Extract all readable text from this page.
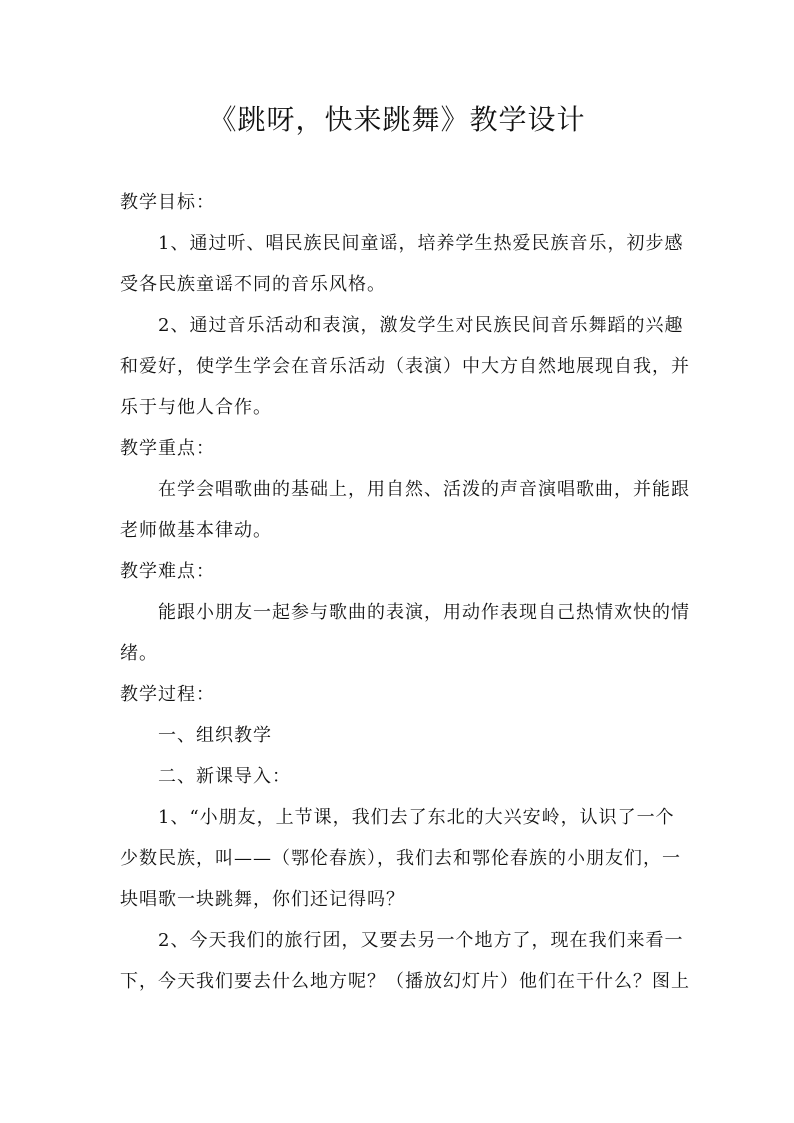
《跳呀，快来跳舞》教学设计

教学目标：

1、通过听、唱民族民间童谣，培养学生热爱民族音乐，初步感

受各民族童谣不同的音乐风格。

2、通过音乐活动和表演，激发学生对民族民间音乐舞蹈的兴趣

和爱好，使学生学会在音乐活动（表演）中大方自然地展现自我，并

乐于与他人合作。

教学重点：

在学会唱歌曲的基础上，用自然、活泼的声音演唱歌曲，并能跟

老师做基本律动。

教学难点：

能跟小朋友一起参与歌曲的表演，用动作表现自己热情欢快的情

绪。

教学过程：

一、组织教学

二、新课导入：

1、“小朋友，上节课，我们去了东北的大兴安岭，认识了一个

少数民族，叫——（鄂伦春族），我们去和鄂伦春族的小朋友们，一

块唱歌一块跳舞，你们还记得吗？

2、今天我们的旅行团，又要去另一个地方了，现在我们来看一

下，今天我们要去什么地方呢？（播放幻灯片）他们在干什么？图上
